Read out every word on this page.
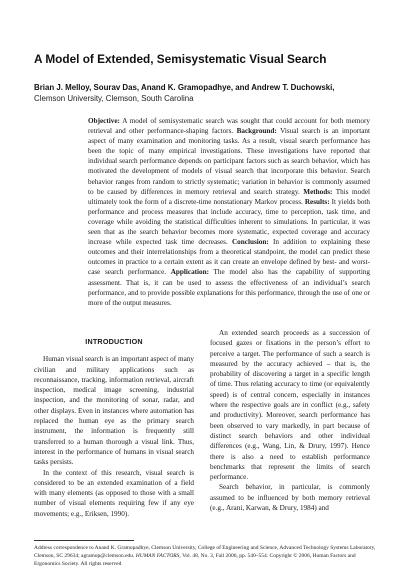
A Model of Extended, Semisystematic Visual Search
Brian J. Melloy, Sourav Das, Anand K. Gramopadhye, and Andrew T. Duchowski,
Clemson University, Clemson, South Carolina

Objective: A model of semisystematic search was sought that could account for both memory retrieval and other performance-shaping factors. Background: Visual search is an important aspect of many examination and monitoring tasks. As a result, visual search performance has been the topic of many empirical investigations. These investigations have reported that individual search performance depends on participant factors such as search behavior, which has motivated the development of models of visual search that incorporate this behavior. Search behavior ranges from random to strictly systematic; variation in behavior is commonly assumed to be caused by differences in memory retrieval and search strategy. Methods: This model ultimately took the form of a discrete-time nonstationary Markov process. Results: It yields both performance and process measures that include accuracy, time to perception, task time, and coverage while avoiding the statistical difficulties inherent to simulations. In particular, it was seen that as the search behavior becomes more systematic, expected coverage and accuracy increase while expected task time decreases. Conclusion: In addition to explaining these outcomes and their interrelationships from a theoretical standpoint, the model can predict these outcomes in practice to a certain extent as it can create an envelope defined by best- and worst-case search performance. Application: The model also has the capability of supporting assessment. That is, it can be used to assess the effectiveness of an individual’s search performance, and to provide possible explanations for this performance, through the use of one or more of the output measures.

INTRODUCTION

Human visual search is an important aspect of many civilian and military applications such as reconnaissance, tracking, information retrieval, aircraft inspection, medical image screening, industrial inspection, and the monitoring of sonar, radar, and other displays. Even in instances where automation has replaced the human eye as the primary search instrument, the information is frequently still transferred to a human thorough a visual link. Thus, interest in the performance of humans in visual search tasks persists.

In the context of this research, visual search is considered to be an extended examination of a field with many elements (as opposed to those with a small number of visual elements requiring few if any eye movements; e.g., Eriksen, 1990).

An extended search proceeds as a succession of focused gazes or fixations in the person’s effort to perceive a target. The performance of such a search is measured by the accuracy achieved – that is, the probability of discovering a target in a specific length of time. Thus relating accuracy to time (or equivalently speed) is of central concern, especially in instances where the respective goals are in conflict (e.g., safety and productivity). Moreover, search performance has been observed to vary markedly, in part because of distinct search behaviors and other individual differences (e.g., Wang, Lin, & Drury, 1997). Hence there is also a need to establish performance benchmarks that represent the limits of search performance.

Search behavior, in particular, is commonly assumed to be influenced by both memory retrieval (e.g., Arani, Karwan, & Drury, 1984) and

Address correspondence to Anand K. Gramopadhye, Clemson University, College of Engineering and Science, Advanced Technology Systems Laboratory, Clemson, SC 29634; agramop@clemson.edu. HUMAN FACTORS, Vol. 48, No. 3, Fall 2006, pp. 540–554. Copyright © 2006, Human Factors and Ergonomics Society. All rights reserved
